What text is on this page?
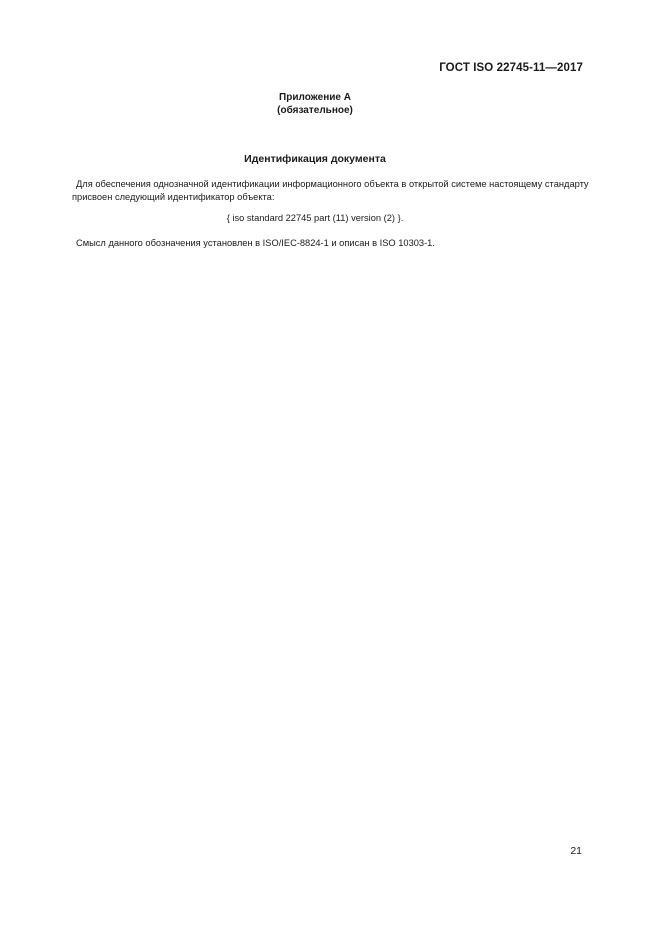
ГОСТ ISO 22745-11—2017
Приложение А
(обязательное)
Идентификация документа
Для обеспечения однозначной идентификации информационного объекта в открытой системе настоящему стандарту присвоен следующий идентификатор объекта:
{ iso standard 22745 part (11) version (2) }.
Смысл данного обозначения установлен в ISO/IEC-8824-1 и описан в ISO 10303-1.
21
